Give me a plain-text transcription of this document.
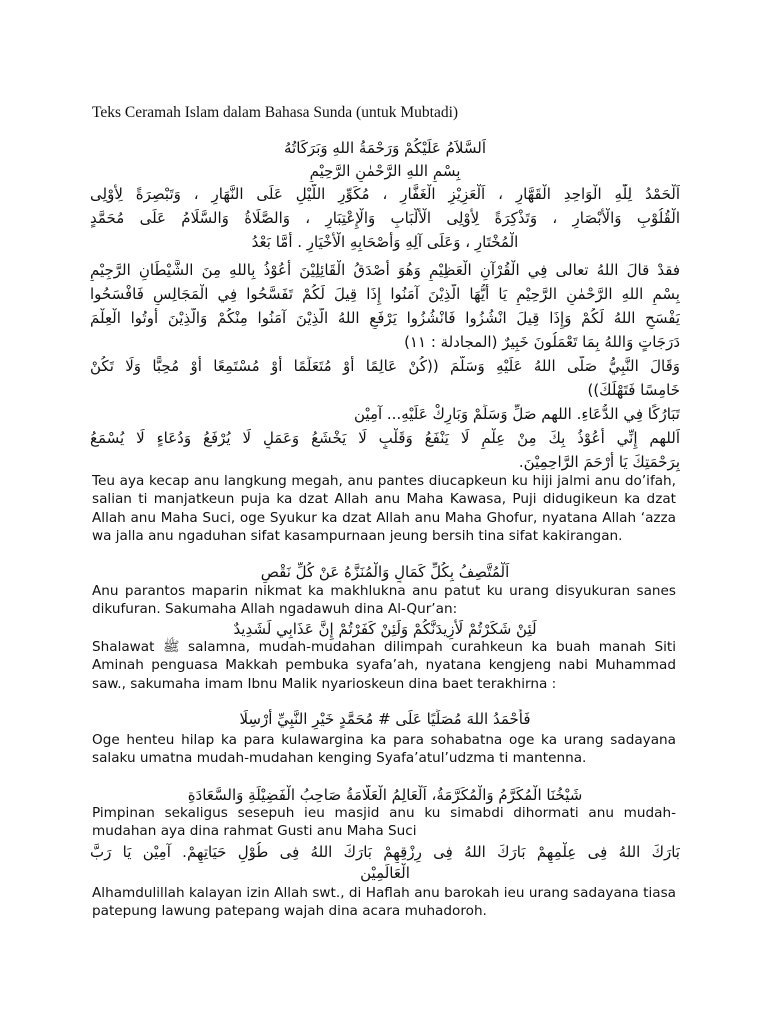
Teks Ceramah Islam dalam Bahasa Sunda (untuk Mubtadi)
اَلسَّلاَمُ عَلَيْكُمْ وَرَحْمَةُ اللهِ وَبَرَكَاتُهُ
بِسْمِ اللهِ الرَّحْمٰنِ الرَّحِيْمِ
اَلْحَمْدُ لِلّٰهِ الْوَاحِدِ الْقَهَّارِ ، اَلْعَزِيْزِ الْغَفَّارِ ، مُكَوِّرِ اللَّيْلِ عَلَى النَّهَارِ ، وَتَبْصِرَةً لِأُوْلِى
الْقُلُوْبِ وَالْأَبْصَارِ ، وَتَذْكِرَةً لِأُوْلِى الْأَلْبَابِ وَالْإِعْتِبَارِ ، وَالصَّلَاةُ وَالسَّلَامُ عَلَى مُحَمَّدٍ
الْمُخْتَارِ ، وَعَلَى آلِهِ وَأَصْحَابِهِ الْأَخْيَارِ . أَمَّا بَعْدُ
فقدْ قالَ اللهُ تعالى فِي الْقُرْآنِ الْعَظِيْمِ وَهُوَ أَصْدَقُ الْقَائِلِيْنَ أَعُوْذُ بِاللهِ مِنَ الشَّيْطَانِ الرَّجِيْمِ
بِسْمِ اللهِ الرَّحْمٰنِ الرَّحِيْمِ يَا أَيُّهَا الَّذِيْنَ آمَنُوا إِذَا قِيلَ لَكُمْ تَفَسَّحُوا فِي الْمَجَالِسِ فَافْسَحُوا
يَفْسَحِ اللهُ لَكُمْ وَإِذَا قِيلَ انْشُزُوا فَانْشُزُوا يَرْفَعِ اللهُ الَّذِيْنَ آمَنُوا مِنْكُمْ وَالَّذِيْنَ أُوتُوا الْعِلْمَ
دَرَجَاتٍ وَاللهُ بِمَا تَعْمَلُونَ خَبِيرٌ (المجادلة : ١١)
وَقَالَ النَّبِيُّ صَلَّى اللهُ عَلَيْهِ وَسَلَّمَ ((كُنْ عَالِمًا أَوْ مُتَعَلِّمًا أَوْ مُسْتَمِعًا أَوْ مُحِبًّا وَلَا تَكُنْ
خَامِسًا فَتَهْلَكَ))
تَبَارُكًا فِي الدُّعَاءِ. اللهم صَلِّ وَسَلِّمْ وَبَارِكْ عَلَيْهِ... آمِيْن
اَللهم إِنِّي أَعُوْذُ بِكَ مِنْ عِلْمٍ لَا يَنْفَعُ وَقَلْبٍ لَا يَخْشَعُ وَعَمَلٍ لَا يُرْفَعُ وَدُعَاءٍ لَا يُسْمَعُ
بِرَحْمَتِكَ يَا أَرْحَمَ الرَّاحِمِيْنَ.
Teu aya kecap anu langkung megah, anu pantes diucapkeun ku hiji jalmi anu do’ifah, salian ti manjatkeun puja ka dzat Allah anu Maha Kawasa, Puji didugikeun ka dzat Allah anu Maha Suci, oge Syukur ka dzat Allah anu Maha Ghofur, nyatana Allah ‘azza wa jalla anu ngaduhan sifat kasampurnaan jeung bersih tina sifat kakirangan.
اَلْمُتَّصِفُ بِكُلِّ كَمَالٍ وَالْمُنَزَّهُ عَنْ كُلِّ نَقْصٍ
Anu parantos maparin nikmat ka makhlukna anu patut ku urang disyukuran sanes dikufuran. Sakumaha Allah ngadawuh dina Al-Qur’an:
لَئِنْ شَكَرْتُمْ لَأَزِيدَنَّكُمْ وَلَئِنْ كَفَرْتُمْ إِنَّ عَذَابِي لَشَدِيدٌ
Shalawat ﷺ salamna, mudah-mudahan dilimpah curahkeun ka buah manah Siti Aminah penguasa Makkah pembuka syafa’ah, nyatana kengjeng nabi Muhammad saw., sakumaha imam Ibnu Malik nyarioskeun dina baet terakhirna :
فَأَحْمَدُ اللهَ مُصَلِّيًا عَلَى # مُحَمَّدٍ خَيْرِ النَّبِيِّ أُرْسِلَا
Oge henteu hilap ka para kulawargina ka para sohabatna oge ka urang sadayana salaku umatna mudah-mudahan kenging Syafa’atul’udzma ti mantenna.
شَيْخُنَا الْمُكَرَّمُ وَالْمُكَرَّمَةُ، اَلْعَالِمُ الْعَلَّامَةُ صَاحِبُ الْفَضِيْلَةِ وَالسَّعَادَةِ
Pimpinan sekaligus sesepuh ieu masjid anu ku simabdi dihormati anu mudah-mudahan aya dina rahmat Gusti anu Maha Suci
بَارَكَ اللهُ فِى عِلْمِهِمْ بَارَكَ اللهُ فِى رِزْقِهِمْ بَارَكَ اللهُ فِى طُوْلِ حَيَاتِهِمْ. آمِيْن يَا رَبَّ
الْعَالَمِيْن
Alhamdulillah kalayan izin Allah swt., di Haflah anu barokah ieu urang sadayana tiasa patepung lawung patepang wajah dina acara muhadoroh.
